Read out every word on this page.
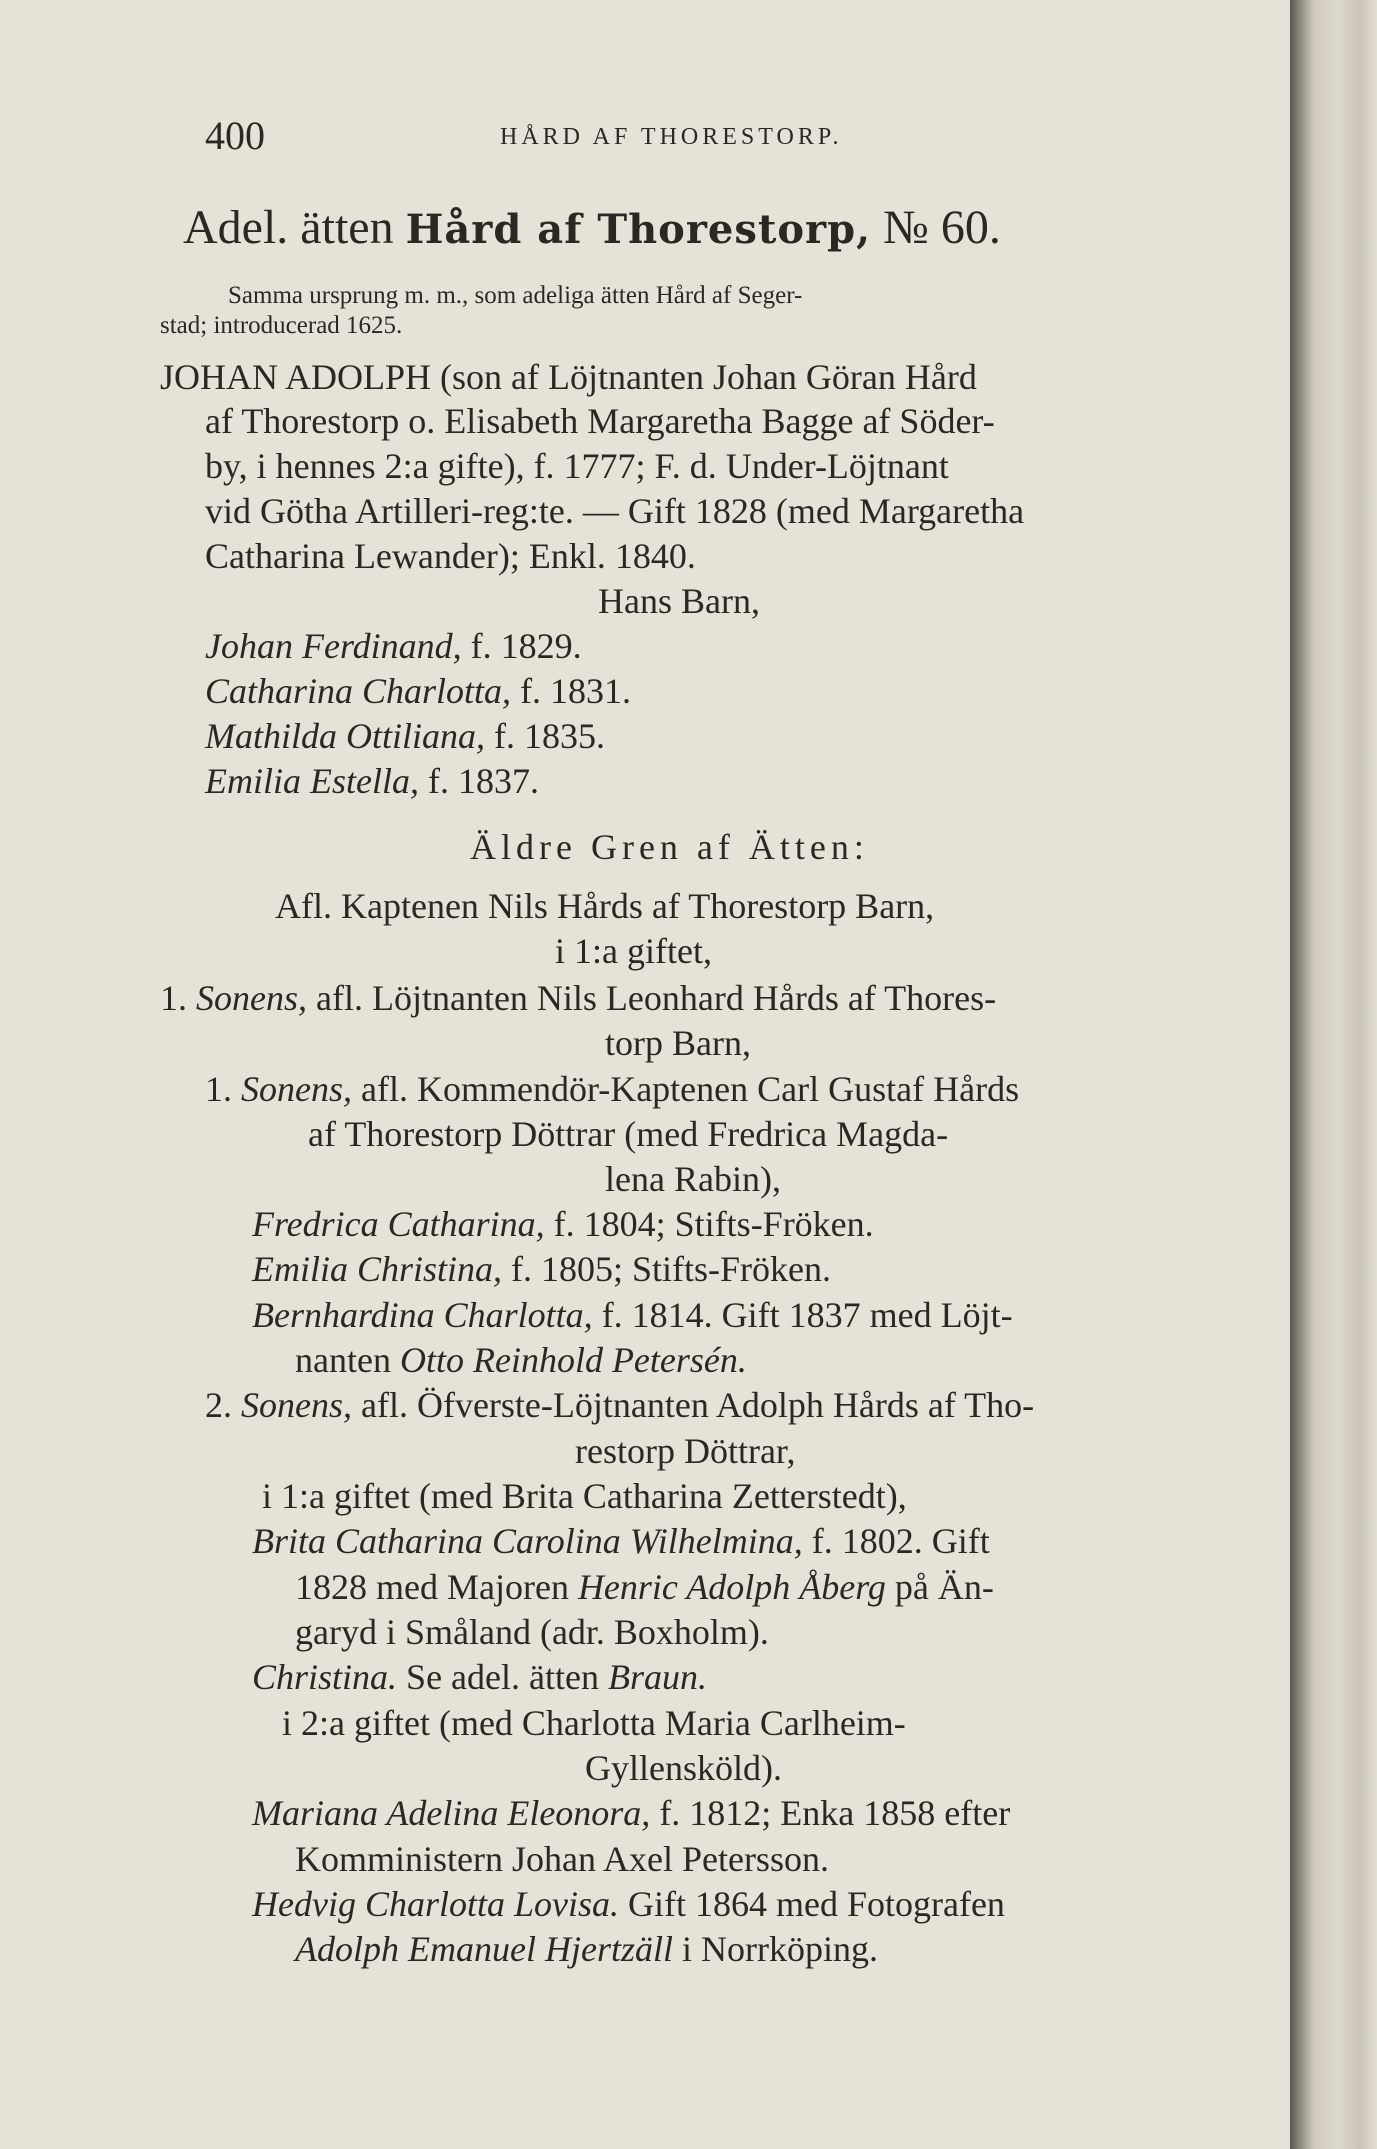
400	HÅRD AF THORESTORP.
Adel. ätten Hård af Thorestorp, № 60.
Samma ursprung m. m., som adeliga ätten Hård af Seger-
stad; introducerad 1625.
JOHAN ADOLPH (son af Löjtnanten Johan Göran Hård
af Thorestorp o. Elisabeth Margaretha Bagge af Söder-
by, i hennes 2:a gifte), f. 1777; F. d. Under-Löjtnant
vid Götha Artilleri-reg:te. — Gift 1828 (med Margaretha
Catharina Lewander); Enkl. 1840.
Hans Barn,
Johan Ferdinand, f. 1829.
Catharina Charlotta, f. 1831.
Mathilda Ottiliana, f. 1835.
Emilia Estella, f. 1837.
Äldre Gren af Ätten:
Afl. Kaptenen Nils Hårds af Thorestorp Barn,
i 1:a giftet,
1. Sonens, afl. Löjtnanten Nils Leonhard Hårds af Thores-
torp Barn,
1. Sonens, afl. Kommendör-Kaptenen Carl Gustaf Hårds
af Thorestorp Döttrar (med Fredrica Magda-
lena Rabin),
Fredrica Catharina, f. 1804; Stifts-Fröken.
Emilia Christina, f. 1805; Stifts-Fröken.
Bernhardina Charlotta, f. 1814. Gift 1837 med Löjt-
nanten Otto Reinhold Petersén.
2. Sonens, afl. Öfverste-Löjtnanten Adolph Hårds af Tho-
restorp Döttrar,
i 1:a giftet (med Brita Catharina Zetterstedt),
Brita Catharina Carolina Wilhelmina, f. 1802. Gift
1828 med Majoren Henric Adolph Åberg på Än-
garyd i Småland (adr. Boxholm).
Christina. Se adel. ätten Braun.
i 2:a giftet (med Charlotta Maria Carlheim-
Gyllensköld).
Mariana Adelina Eleonora, f. 1812; Enka 1858 efter
Komministern Johan Axel Petersson.
Hedvig Charlotta Lovisa. Gift 1864 med Fotografen
Adolph Emanuel Hjertzäll i Norrköping.
